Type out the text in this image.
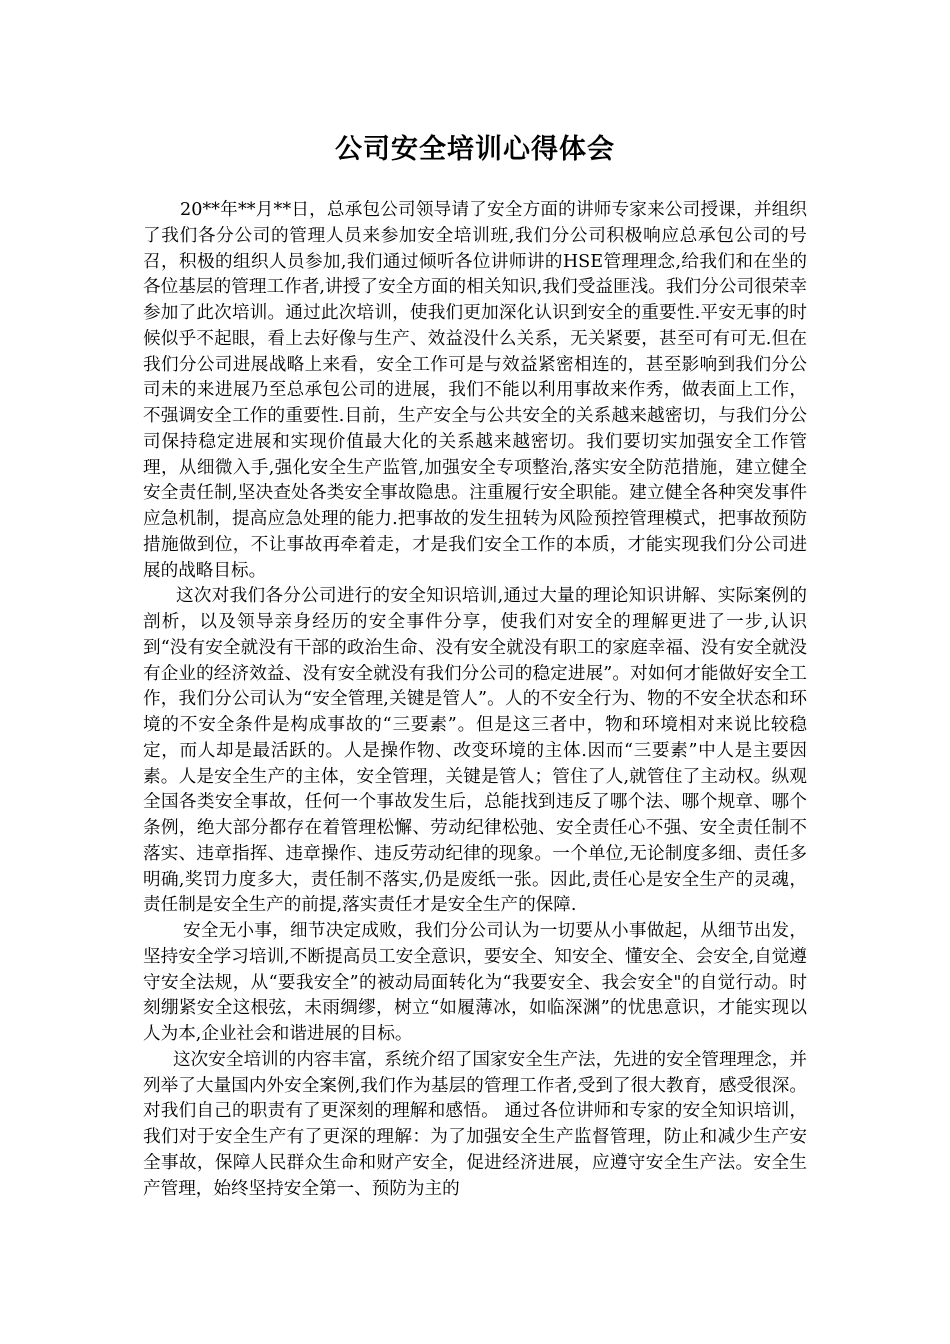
公司安全培训心得体会

20**年**月**日，总承包公司领导请了安全方面的讲师专家来公司授课，并组织了我们各分公司的管理人员来参加安全培训班,我们分公司积极响应总承包公司的号召，积极的组织人员参加,我们通过倾听各位讲师讲的HSE管理理念,给我们和在坐的各位基层的管理工作者,讲授了安全方面的相关知识,我们受益匪浅。我们分公司很荣幸参加了此次培训。通过此次培训，使我们更加深化认识到安全的重要性.平安无事的时候似乎不起眼，看上去好像与生产、效益没什么关系，无关紧要，甚至可有可无.但在我们分公司进展战略上来看，安全工作可是与效益紧密相连的，甚至影响到我们分公司未的来进展乃至总承包公司的进展，我们不能以利用事故来作秀，做表面上工作，不强调安全工作的重要性.目前，生产安全与公共安全的关系越来越密切，与我们分公司保持稳定进展和实现价值最大化的关系越来越密切。我们要切实加强安全工作管理，从细微入手,强化安全生产监管,加强安全专项整治,落实安全防范措施，建立健全安全责任制,坚决查处各类安全事故隐患。注重履行安全职能。建立健全各种突发事件应急机制，提高应急处理的能力.把事故的发生扭转为风险预控管理模式，把事故预防措施做到位，不让事故再牵着走，才是我们安全工作的本质，才能实现我们分公司进展的战略目标。

这次对我们各分公司进行的安全知识培训,通过大量的理论知识讲解、实际案例的剖析，以及领导亲身经历的安全事件分享，使我们对安全的理解更进了一步,认识到“没有安全就没有干部的政治生命、没有安全就没有职工的家庭幸福、没有安全就没有企业的经济效益、没有安全就没有我们分公司的稳定进展”。对如何才能做好安全工作，我们分公司认为“安全管理,关键是管人”。人的不安全行为、物的不安全状态和环境的不安全条件是构成事故的“三要素”。但是这三者中，物和环境相对来说比较稳定，而人却是最活跃的。人是操作物、改变环境的主体.因而“三要素”中人是主要因素。人是安全生产的主体，安全管理，关键是管人；管住了人,就管住了主动权。纵观全国各类安全事故，任何一个事故发生后，总能找到违反了哪个法、哪个规章、哪个条例，绝大部分都存在着管理松懈、劳动纪律松弛、安全责任心不强、安全责任制不落实、违章指挥、违章操作、违反劳动纪律的现象。一个单位,无论制度多细、责任多明确,奖罚力度多大，责任制不落实,仍是废纸一张。因此,责任心是安全生产的灵魂，责任制是安全生产的前提,落实责任才是安全生产的保障.

安全无小事，细节决定成败，我们分公司认为一切要从小事做起，从细节出发，坚持安全学习培训,不断提高员工安全意识，要安全、知安全、懂安全、会安全,自觉遵守安全法规，从“要我安全”的被动局面转化为“我要安全、我会安全"的自觉行动。时刻绷紧安全这根弦，未雨绸缪，树立“如履薄冰，如临深渊”的忧患意识，才能实现以人为本,企业社会和谐进展的目标。

这次安全培训的内容丰富，系统介绍了国家安全生产法，先进的安全管理理念，并列举了大量国内外安全案例,我们作为基层的管理工作者,受到了很大教育，感受很深。对我们自己的职责有了更深刻的理解和感悟。 通过各位讲师和专家的安全知识培训，我们对于安全生产有了更深的理解：为了加强安全生产监督管理，防止和减少生产安全事故，保障人民群众生命和财产安全，促进经济进展，应遵守安全生产法。安全生产管理，始终坚持安全第一、预防为主的
